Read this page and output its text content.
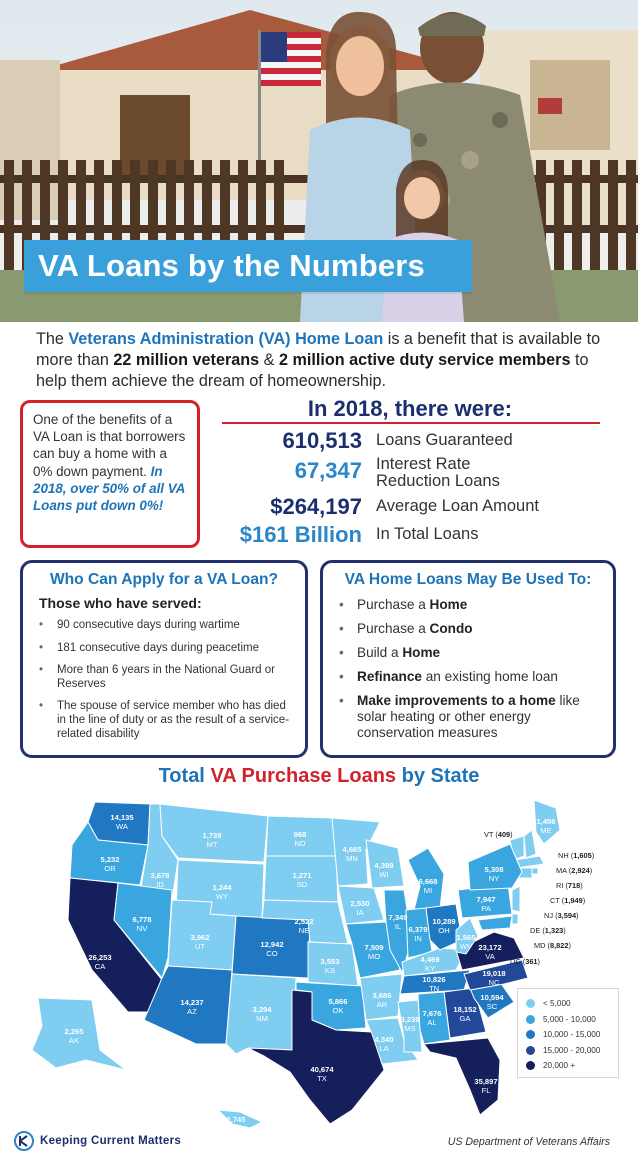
VA Loans by the Numbers

The Veterans Administration (VA) Home Loan is a benefit that is available to more than 22 million veterans & 2 million active duty service members to help them achieve the dream of homeownership.

One of the benefits of a VA Loan is that borrowers can buy a home with a 0% down payment. In 2018, over 50% of all VA Loans put down 0%!
In 2018, there were:
610,513 Loans Guaranteed
67,347 Interest Rate
Reduction Loans
$264,197 Average Loan Amount
$161 Billion In Total Loans
Who Can Apply for a VA Loan?
Those who have served:
• 90 consecutive days during wartime
• 181 consecutive days during peacetime
• More than 6 years in the National Guard or Reserves
• The spouse of service member who has died in the line of duty or as the result of a service-related disability
VA Home Loans May Be Used To:
• Purchase a Home
• Purchase a Condo
• Build a Home
• Refinance an existing home loan
• Make improvements to a home like solar heating or other energy conservation measures
Total VA Purchase Loans by State
14,135
WA
5,232
OR
26,253
CA
3,678
ID
6,778
NV
1,739
MT
1,244
WY
3,962
UT
14,237
AZ
12,942
CO
3,294
NM
968
ND
1,271
SD
2,522
NE
3,553
KS
5,866
OK
40,674
TX
4,665
MN
2,530
IA
7,509
MO
3,686
AR
4,340
LA
4,399
WI
7,349
IL
3,239
MS
6,668
MI
6,379
IN
4,469
KY
10,826
TN
7,676
AL
10,289
OH
18,152
GA
35,897
FL
10,594
SC
19,018
NC
23,172
VA
1,565
WV
7,947
PA
5,308
NY
1,456
ME
2,265
AK
2,745
HI
VT (409)
NH (1,605)
MA (2,924)
RI (718)
CT (1,949)
NJ (3,594)
DE (1,323)
MD (8,822)
DC (361)
< 5,000
5,000 - 10,000
10,000 - 15,000
15,000 - 20,000
20,000 +
Keeping Current Matters	US Department of Veterans Affairs
